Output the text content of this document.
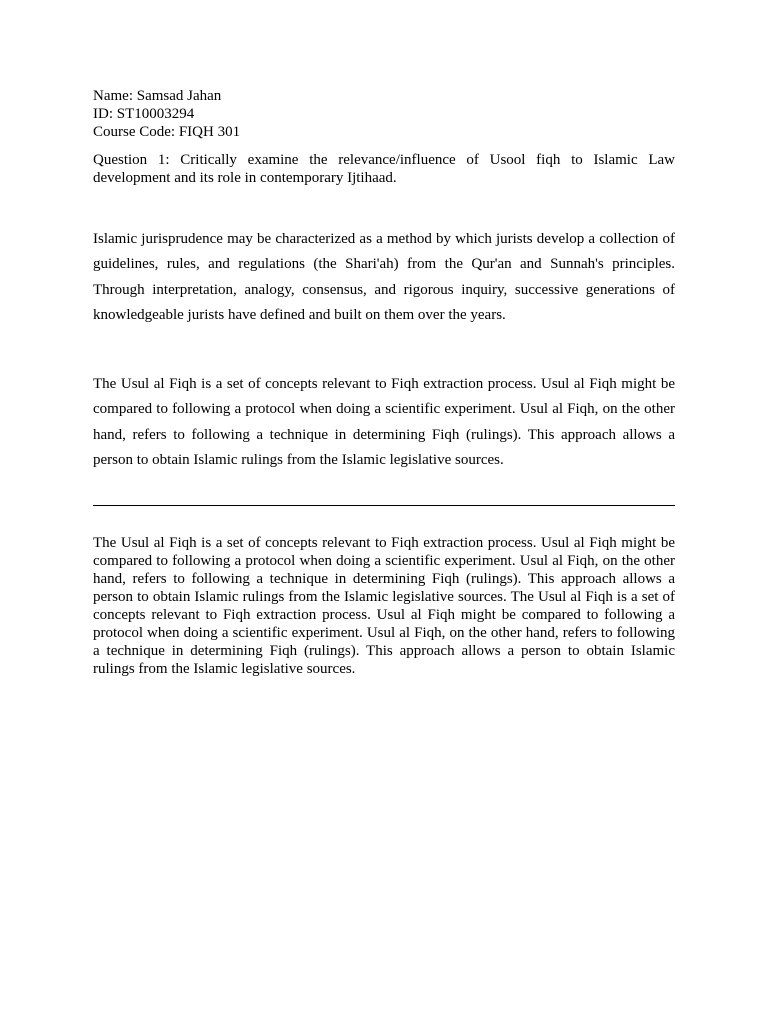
Name: Samsad Jahan
ID: ST10003294
Course Code: FIQH 301

Question 1: Critically examine the relevance/influence of Usool fiqh to Islamic Law development and its role in contemporary Ijtihaad.

Islamic jurisprudence may be characterized as a method by which jurists develop a collection of guidelines, rules, and regulations (the Shari'ah) from the Qur'an and Sunnah's principles. Through interpretation, analogy, consensus, and rigorous inquiry, successive generations of knowledgeable jurists have defined and built on them over the years.

The Usul al Fiqh is a set of concepts relevant to Fiqh extraction process. Usul al Fiqh might be compared to following a protocol when doing a scientific experiment. Usul al Fiqh, on the other hand, refers to following a technique in determining Fiqh (rulings). This approach allows a person to obtain Islamic rulings from the Islamic legislative sources.

The Usul al Fiqh is a set of concepts relevant to Fiqh extraction process. Usul al Fiqh might be compared to following a protocol when doing a scientific experiment. Usul al Fiqh, on the other hand, refers to following a technique in determining Fiqh (rulings). This approach allows a person to obtain Islamic rulings from the Islamic legislative sources. The Usul al Fiqh is a set of concepts relevant to Fiqh extraction process. Usul al Fiqh might be compared to following a protocol when doing a scientific experiment. Usul al Fiqh, on the other hand, refers to following a technique in determining Fiqh (rulings). This approach allows a person to obtain Islamic rulings from the Islamic legislative sources.
